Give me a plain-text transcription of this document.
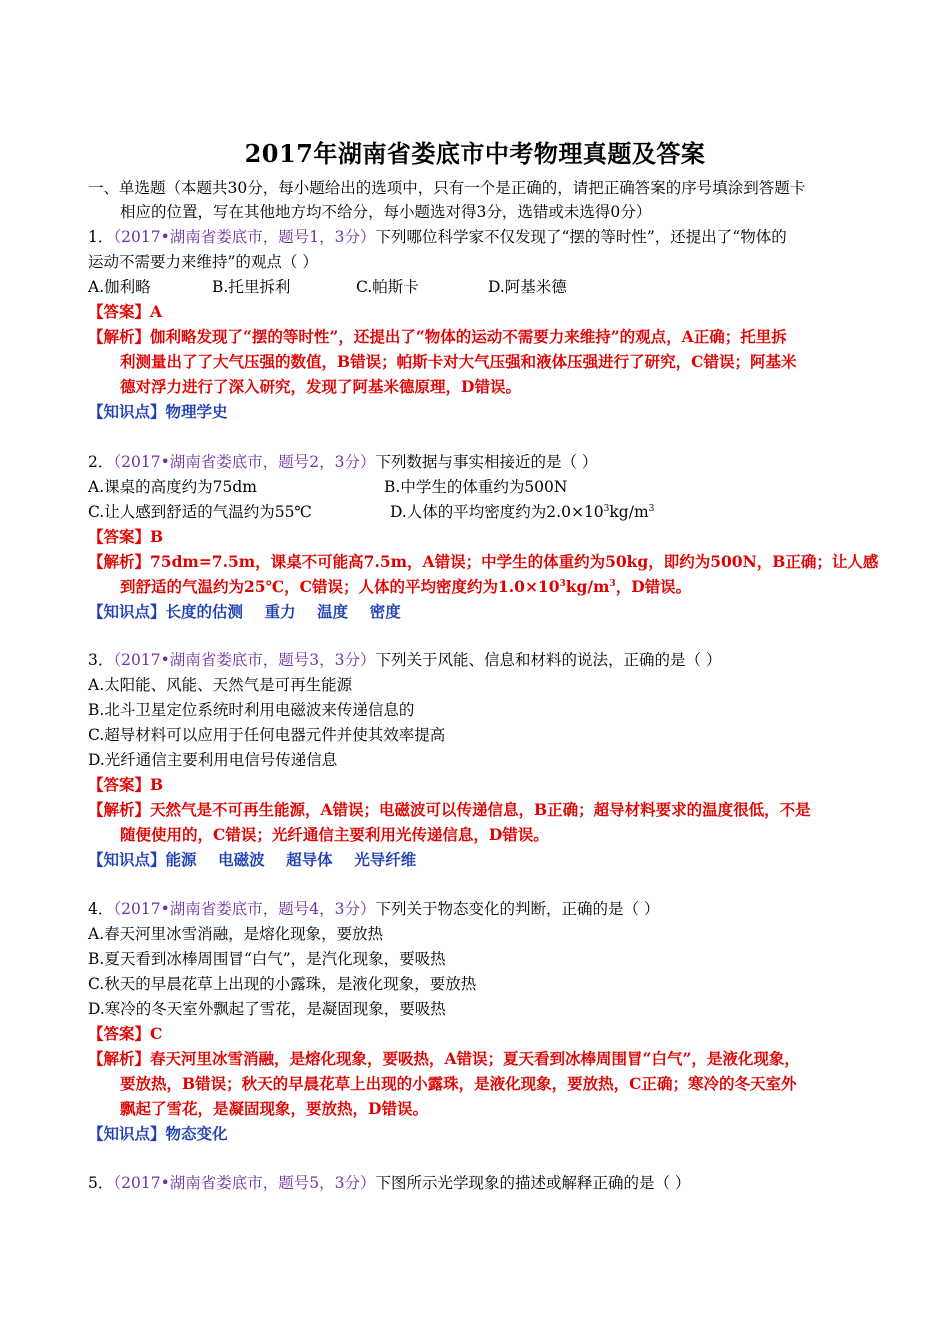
2017年湖南省娄底市中考物理真题及答案
一、单选题（本题共30分，每小题给出的选项中，只有一个是正确的，请把正确答案的序号填涂到答题卡
相应的位置，写在其他地方均不给分，每小题选对得3分，选错或未选得0分）
1．（2017•湖南省娄底市，题号1，3分）下列哪位科学家不仅发现了“摆的等时性”，还提出了“物体的
运动不需要力来维持”的观点（ ）
A.伽利略	B.托里拆利	C.帕斯卡	D.阿基米德
【答案】A
【解析】伽利略发现了“摆的等时性”，还提出了“物体的运动不需要力来维持”的观点，A正确；托里拆
利测量出了了大气压强的数值，B错误；帕斯卡对大气压强和液体压强进行了研究，C错误；阿基米
德对浮力进行了深入研究，发现了阿基米德原理，D错误。
【知识点】物理学史
2．（2017•湖南省娄底市，题号2，3分）下列数据与事实相接近的是（ ）
A.课桌的高度约为75dm	B.中学生的体重约为500N
C.让人感到舒适的气温约为55℃	D.人体的平均密度约为$2.0\times 10^3kg/m^3$
【答案】B
【解析】75dm=7.5m，课桌不可能高7.5m，A错误；中学生的体重约为50kg，即约为500N，B正确；让人感
到舒适的气温约为25℃，C错误；人体的平均密度约为$1.0\times 10^3kg/m^3$，D错误。
【知识点】长度的估测    重力    温度    密度
3．（2017•湖南省娄底市，题号3，3分）下列关于风能、信息和材料的说法，正确的是（ ）
A.太阳能、风能、天然气是可再生能源
B.北斗卫星定位系统时利用电磁波来传递信息的
C.超导材料可以应用于任何电器元件并使其效率提高
D.光纤通信主要利用电信号传递信息
【答案】B
【解析】天然气是不可再生能源，A错误；电磁波可以传递信息，B正确；超导材料要求的温度很低，不是
随便使用的，C错误；光纤通信主要利用光传递信息，D错误。
【知识点】能源    电磁波    超导体    光导纤维
4．（2017•湖南省娄底市，题号4，3分）下列关于物态变化的判断，正确的是（ ）
A.春天河里冰雪消融，是熔化现象，要放热
B.夏天看到冰棒周围冒“白气”，是汽化现象，要吸热
C.秋天的早晨花草上出现的小露珠，是液化现象，要放热
D.寒冷的冬天室外飘起了雪花，是凝固现象，要吸热
【答案】C
【解析】春天河里冰雪消融，是熔化现象，要吸热，A错误；夏天看到冰棒周围冒“白气”，是液化现象，
要放热，B错误；秋天的早晨花草上出现的小露珠，是液化现象，要放热，C正确；寒冷的冬天室外
飘起了雪花，是凝固现象，要放热，D错误。
【知识点】物态变化
5．（2017•湖南省娄底市，题号5，3分）下图所示光学现象的描述或解释正确的是（ ）
